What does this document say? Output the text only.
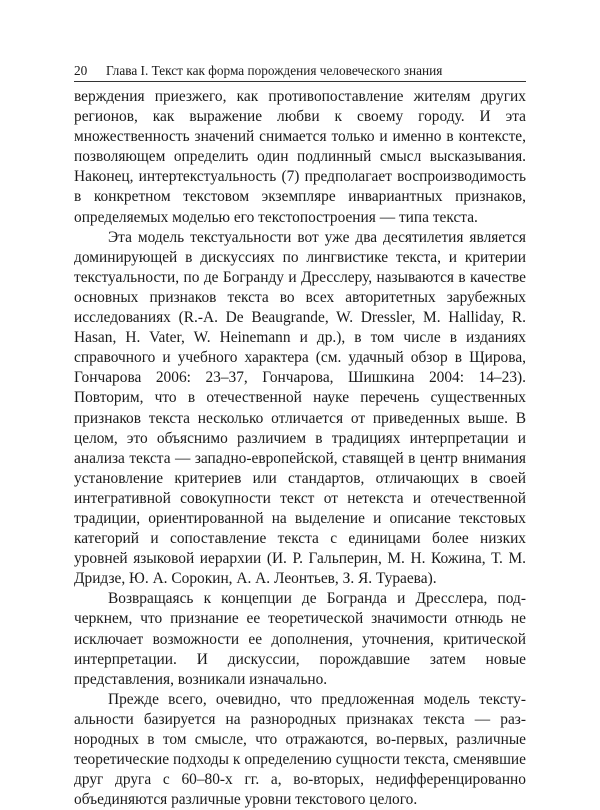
20 Глава I. Текст как форма порождения человеческого знания

верждения приезжего, как противопоставление жителям других регионов, как выражение любви к своему городу. И эта множественность значений снимается только и именно в контексте, позволяющем определить один подлинный смысл высказывания. Наконец, интертекстуальность (7) предполагает воспроизводимость в конкретном текстовом экземпляре инвариантных признаков, определяемых моделью его текстопостроения — типа текста.

Эта модель текстуальности вот уже два десятилетия является доминирующей в дискуссиях по лингвистике текста, и критерии текстуальности, по де Богранду и Дресслеру, называются в качестве основных признаков текста во всех авторитетных зарубежных исследованиях (R.-A. De Beaugrande, W. Dressler, M. Halliday, R. Hasan, H. Vater, W. Heinemann и др.), в том числе в изданиях справочного и учебного характера (см. удачный обзор в Щирова, Гончарова 2006: 23–37, Гончарова, Шишкина 2004: 14–23). Повторим, что в отечественной науке перечень существенных признаков текста несколько отличается от приведенных выше. В целом, это объяснимо различием в традициях интерпретации и анализа текста — западно-европейской, ставящей в центр внимания установление критериев или стандартов, отличающих в своей интегративной совокупности текст от нетекста и отечественной традиции, ориентированной на выделение и описание текстовых категорий и сопоставление текста с единицами более низких уровней языковой иерархии (И. Р. Гальперин, М. Н. Кожина, Т. М. Дридзе, Ю. А. Сорокин, А. А. Леонтьев, З. Я. Тураева).

Возвращаясь к концепции де Богранда и Дресслера, подчеркнем, что признание ее теоретической значимости отнюдь не исключает возможности ее дополнения, уточнения, критической интерпретации. И дискуссии, порождавшие затем новые представления, возникали изначально.

Прежде всего, очевидно, что предложенная модель текстуальности базируется на разнородных признаках текста — разнородных в том смысле, что отражаются, во-первых, различные теоретические подходы к определению сущности текста, сменявшие друг друга с 60–80-х гг. а, во-вторых, недифференцированно объединяются различные уровни текстового целого.
